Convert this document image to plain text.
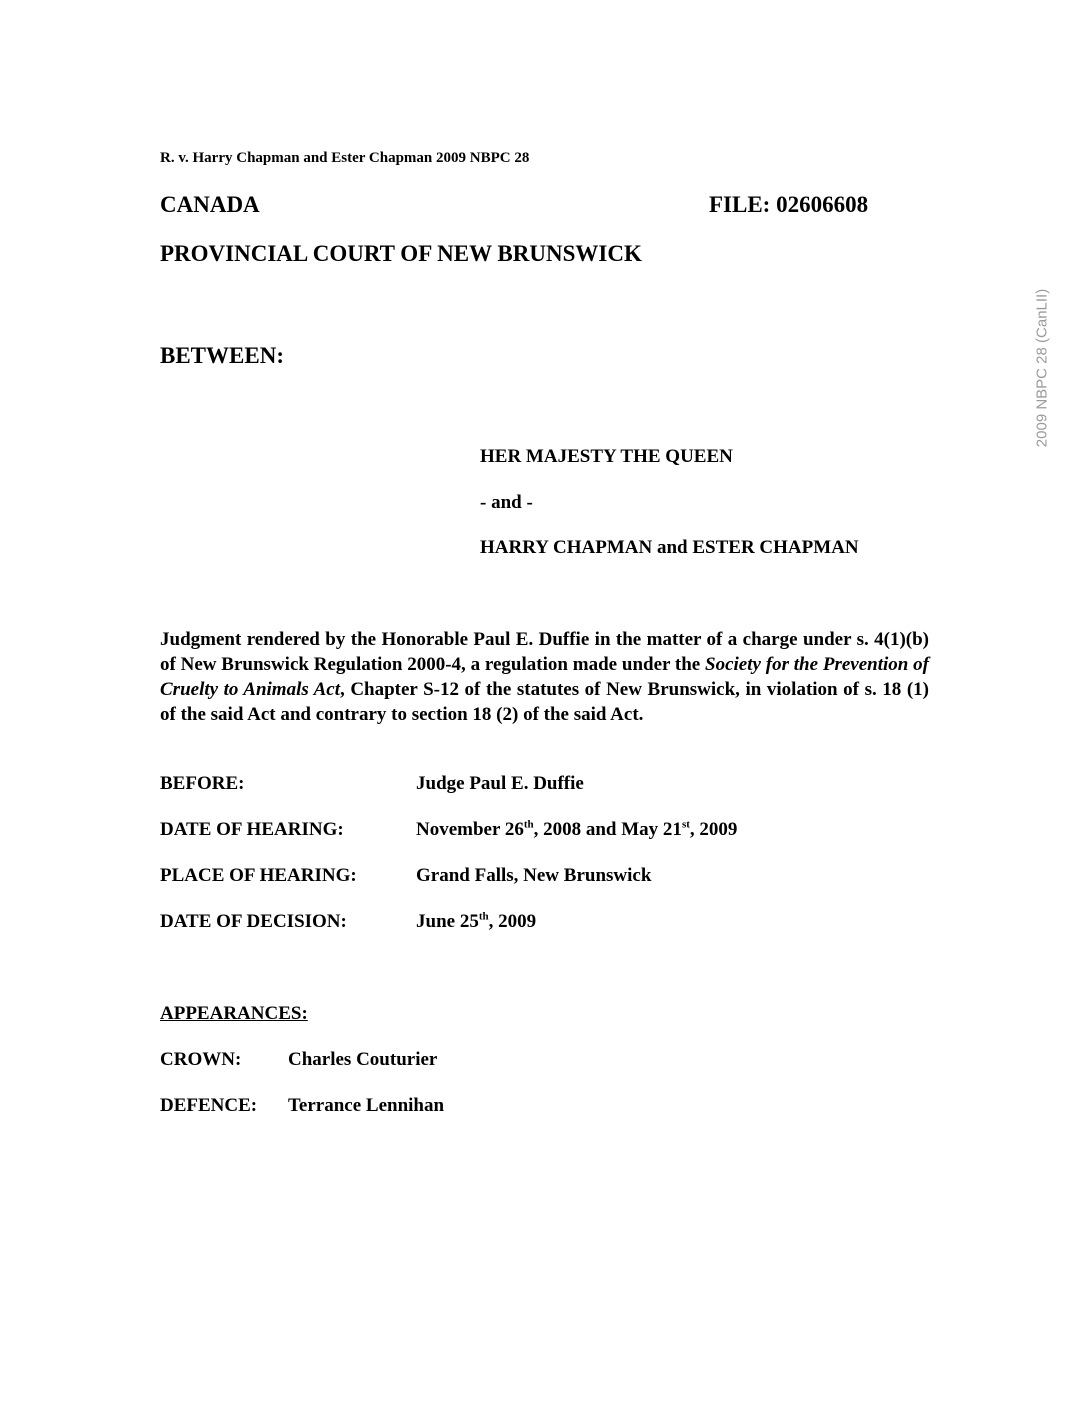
R. v. Harry Chapman and Ester Chapman 2009 NBPC 28
CANADA	FILE: 02606608
PROVINCIAL COURT OF NEW BRUNSWICK
BETWEEN:
HER MAJESTY THE QUEEN
- and -
HARRY CHAPMAN and ESTER CHAPMAN

Judgment rendered by the Honorable Paul E. Duffie in the matter of a charge under s. 4(1)(b) of New Brunswick Regulation 2000-4, a regulation made under the Society for the Prevention of Cruelty to Animals Act, Chapter S-12 of the statutes of New Brunswick, in violation of s. 18 (1) of the said Act and contrary to section 18 (2) of the said Act.

BEFORE:	Judge Paul E. Duffie
DATE OF HEARING:	November 26th, 2008 and May 21st, 2009
PLACE OF HEARING:	Grand Falls, New Brunswick
DATE OF DECISION:	June 25th, 2009
APPEARANCES:
CROWN: Charles Couturier
DEFENCE: Terrance Lennihan
2009 NBPC 28 (CanLII)
